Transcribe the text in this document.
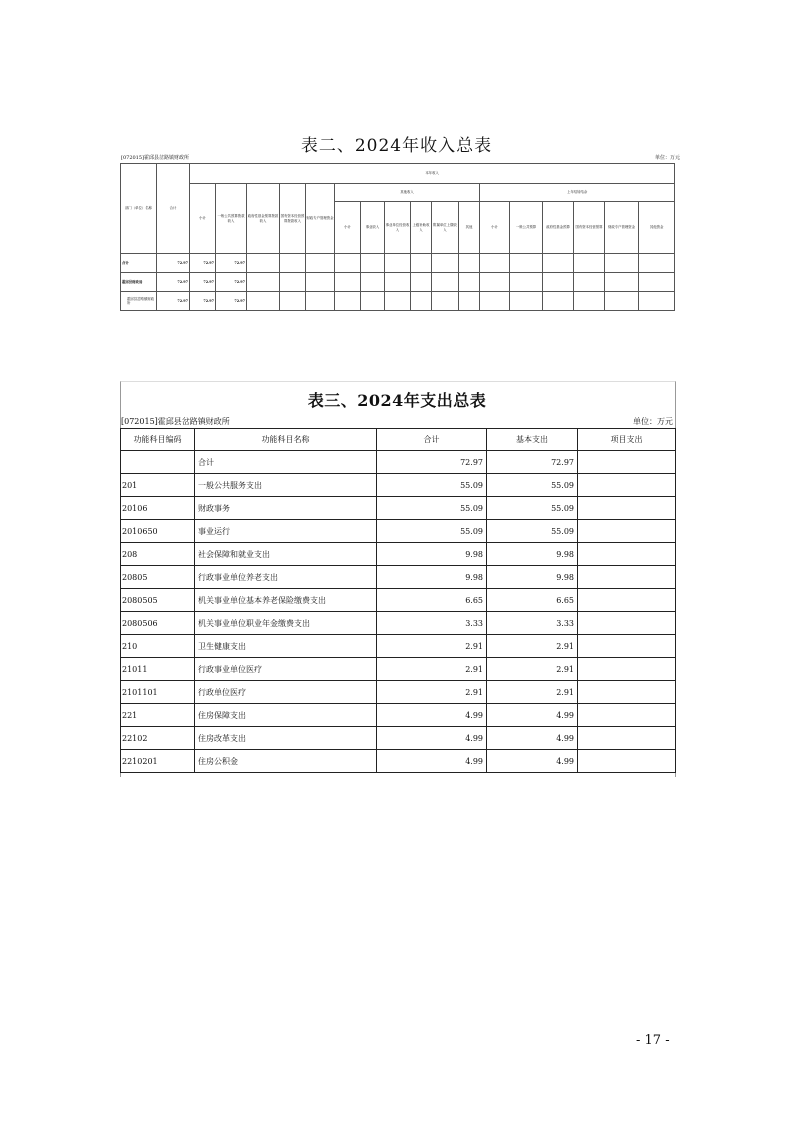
表二、2024年收入总表
[072015]霍邱县岔路镇财政所	单位：万元
部门（单位）名称	合计	本年收入																
		小计	一般公共预算拨款收入	政府性基金预算拨款收入	国有资本经营预算拨款收入	财政专户管理资金	其他收入						上年结转结余					
							小计	事业收入	事业单位经营收入	上级补助收入	附属单位上缴收入	其他	小计	一般公共预算	政府性基金预算	国有资本经营预算	财政专户管理资金	其他资金
合计	72.97	72.97	72.97															
霍邱县财政局	72.97	72.97	72.97															
霍邱县岔路镇财政所	72.97	72.97	72.97															
表三、2024年支出总表
[072015]霍邱县岔路镇财政所	单位：万元
功能科目编码	功能科目名称	合计	基本支出	项目支出
	合计	72.97	72.97	
201	一般公共服务支出	55.09	55.09	
20106	财政事务	55.09	55.09	
2010650	事业运行	55.09	55.09	
208	社会保障和就业支出	9.98	9.98	
20805	行政事业单位养老支出	9.98	9.98	
2080505	机关事业单位基本养老保险缴费支出	6.65	6.65	
2080506	机关事业单位职业年金缴费支出	3.33	3.33	
210	卫生健康支出	2.91	2.91	
21011	行政事业单位医疗	2.91	2.91	
2101101	行政单位医疗	2.91	2.91	
221	住房保障支出	4.99	4.99	
22102	住房改革支出	4.99	4.99	
2210201	住房公积金	4.99	4.99	
- 17 -
